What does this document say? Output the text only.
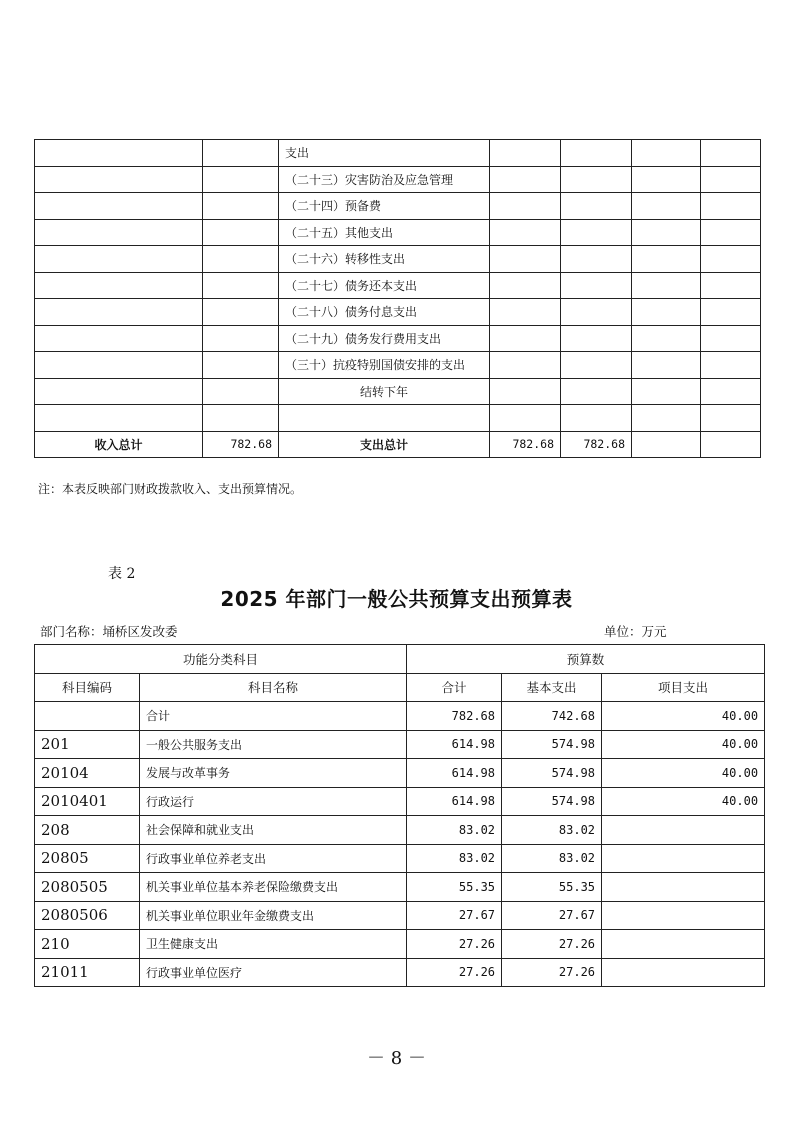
		支出				
		（二十三）灾害防治及应急管理				
		（二十四）预备费				
		（二十五）其他支出				
		（二十六）转移性支出				
		（二十七）债务还本支出				
		（二十八）债务付息支出				
		（二十九）债务发行费用支出				
		（三十）抗疫特别国债安排的支出				
		结转下年				

收入总计	782.68	支出总计	782.68	782.68		
注：本表反映部门财政拨款收入、支出预算情况。
表 2
2025 年部门一般公共预算支出预算表
部门名称：埇桥区发改委	单位：万元
功能分类科目		预算数		
科目编码	科目名称	合计	基本支出	项目支出
	合计	782.68	742.68	40.00
201	一般公共服务支出	614.98	574.98	40.00
20104	发展与改革事务	614.98	574.98	40.00
2010401	行政运行	614.98	574.98	40.00
208	社会保障和就业支出	83.02	83.02	
20805	行政事业单位养老支出	83.02	83.02	
2080505	机关事业单位基本养老保险缴费支出	55.35	55.35	
2080506	机关事业单位职业年金缴费支出	27.67	27.67	
210	卫生健康支出	27.26	27.26	
21011	行政事业单位医疗	27.26	27.26	
－ 8 －
